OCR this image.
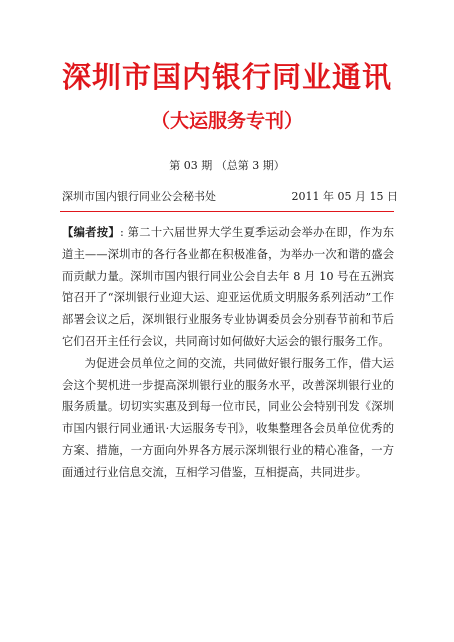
深圳市国内银行同业通讯
（大运服务专刊）
第 03 期 （总第 3 期）
深圳市国内银行同业公会秘书处	2011 年 05 月 15 日

【编者按】: 第二十六届世界大学生夏季运动会举办在即，作为东道主——深圳市的各行各业都在积极准备，为举办一次和谐的盛会而贡献力量。深圳市国内银行同业公会自去年 8 月 10 号在五洲宾馆召开了“深圳银行业迎大运、迎亚运优质文明服务系列活动”工作部署会议之后，深圳银行业服务专业协调委员会分别春节前和节后它们召开主任行会议，共同商讨如何做好大运会的银行服务工作。

为促进会员单位之间的交流，共同做好银行服务工作，借大运会这个契机进一步提高深圳银行业的服务水平，改善深圳银行业的服务质量。切切实实惠及到每一位市民，同业公会特别刊发《深圳市国内银行同业通讯·大运服务专刊》，收集整理各会员单位优秀的方案、措施，一方面向外界各方展示深圳银行业的精心准备，一方面通过行业信息交流，互相学习借鉴，互相提高，共同进步。
